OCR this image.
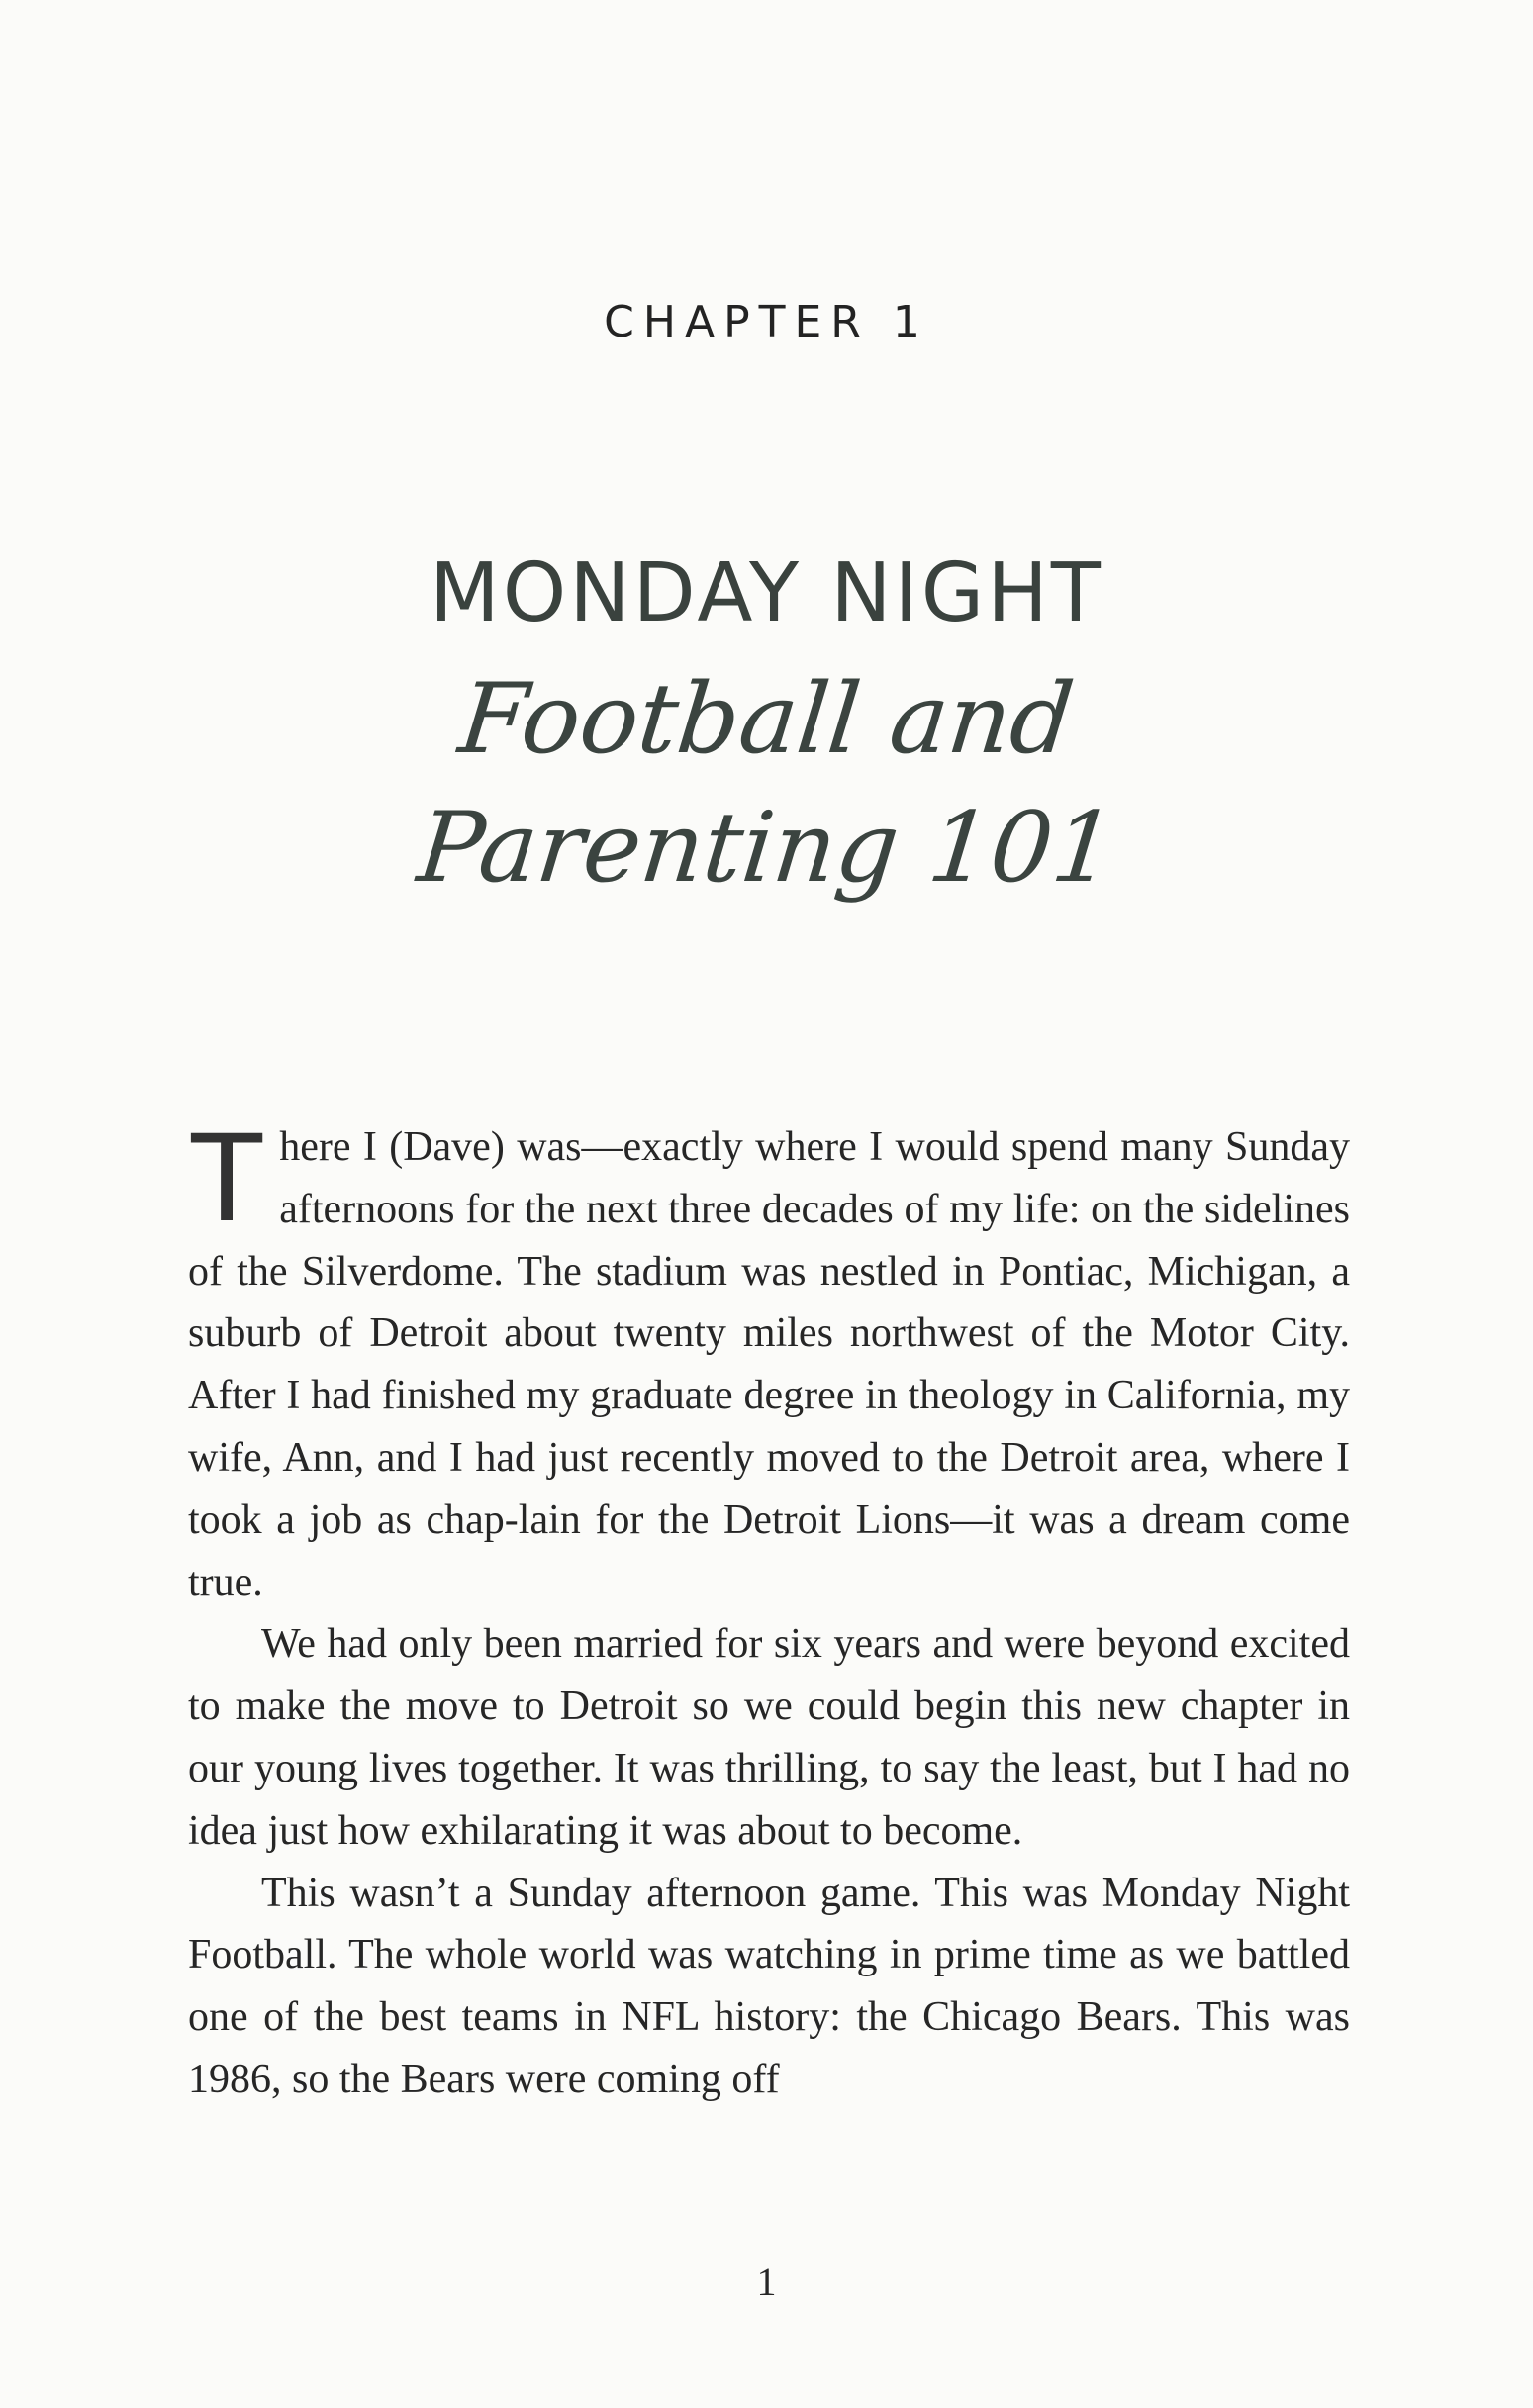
CHAPTER 1
MONDAY NIGHT
Football and
Parenting 101

There I (Dave) was—exactly where I would spend many Sunday afternoons for the next three decades of my life: on the sidelines of the Silverdome. The stadium was nestled in Pontiac, Michigan, a suburb of Detroit about twenty miles northwest of the Motor City. After I had finished my graduate degree in theology in California, my wife, Ann, and I had just recently moved to the Detroit area, where I took a job as chap-lain for the Detroit Lions—it was a dream come true.

We had only been married for six years and were beyond excited to make the move to Detroit so we could begin this new chapter in our young lives together. It was thrilling, to say the least, but I had no idea just how exhilarating it was about to become.

This wasn’t a Sunday afternoon game. This was Monday Night Football. The whole world was watching in prime time as we battled one of the best teams in NFL history: the Chicago Bears. This was 1986, so the Bears were coming off

1
